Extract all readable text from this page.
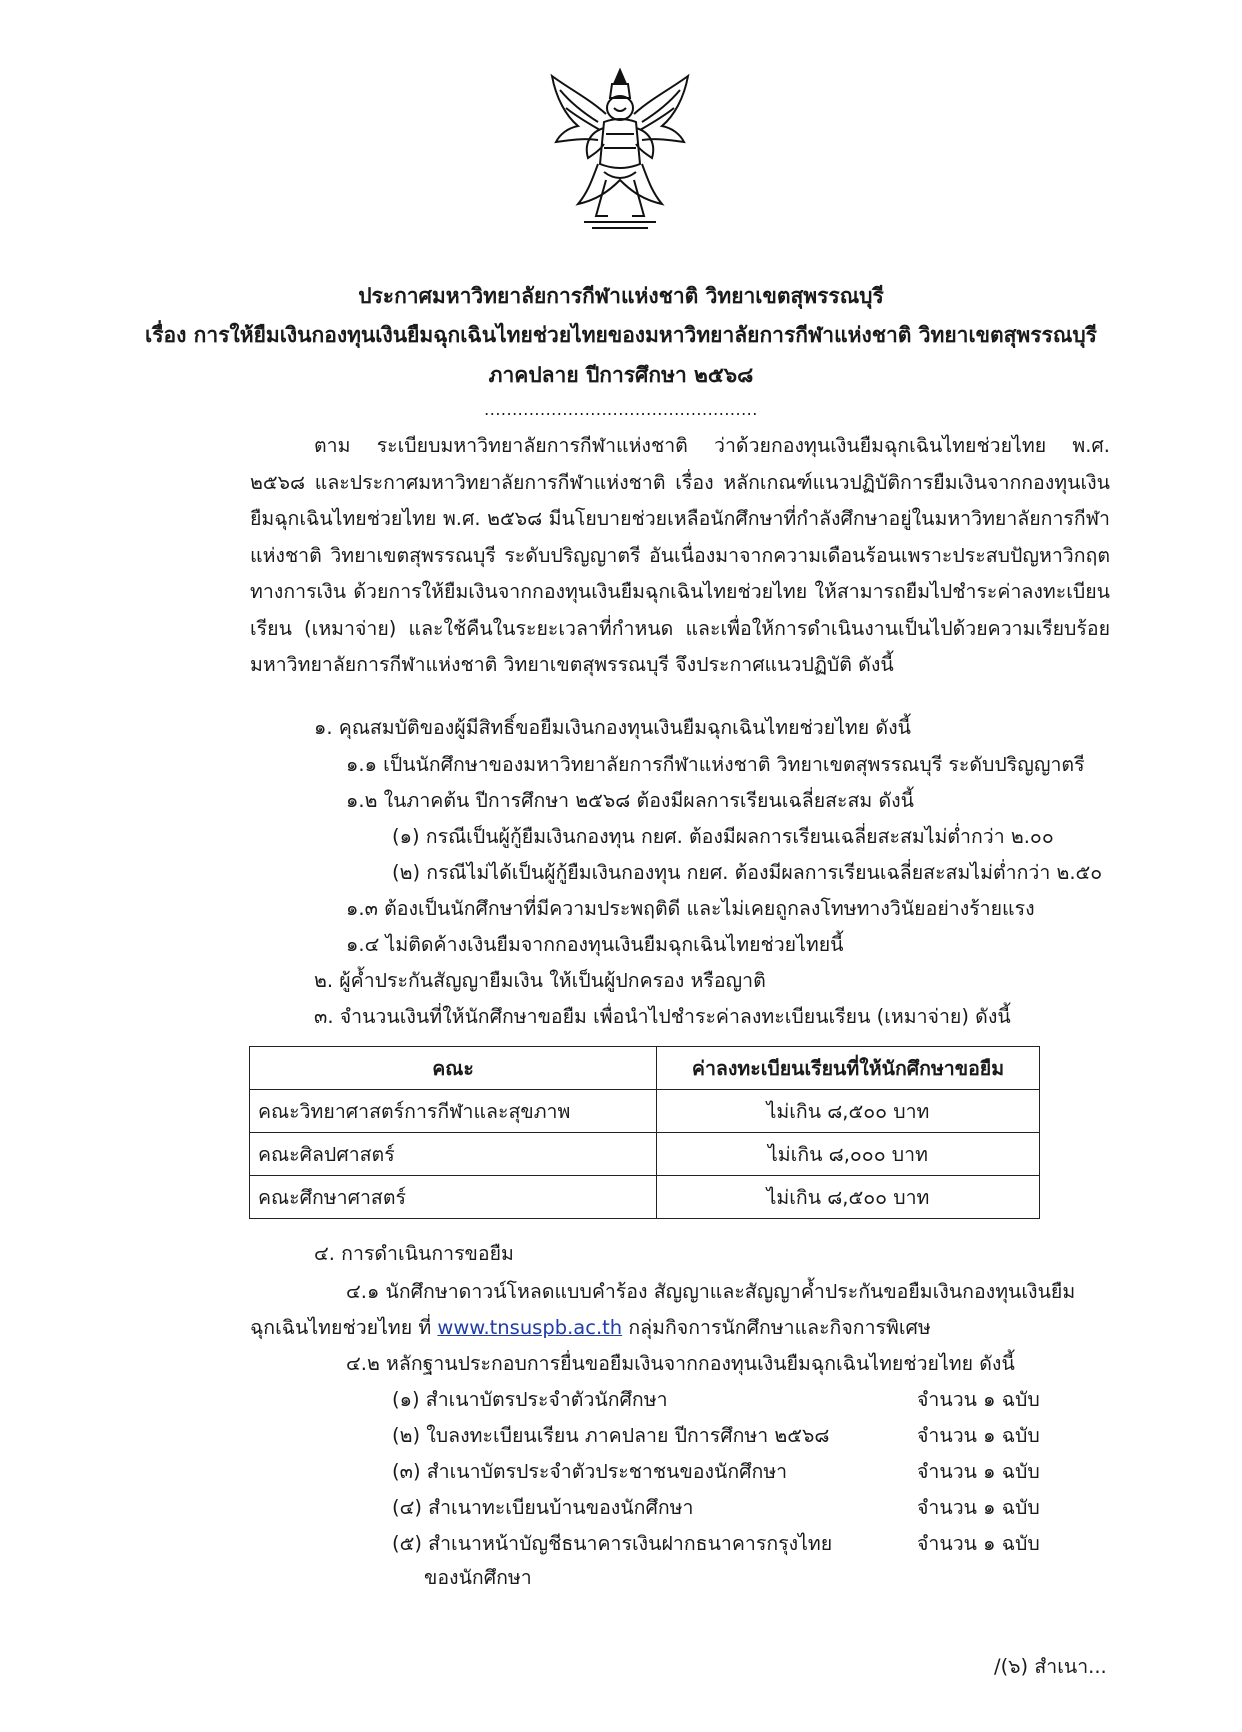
ประกาศมหาวิทยาลัยการกีฬาแห่งชาติ วิทยาเขตสุพรรณบุรี
เรื่อง การให้ยืมเงินกองทุนเงินยืมฉุกเฉินไทยช่วยไทยของมหาวิทยาลัยการกีฬาแห่งชาติ วิทยาเขตสุพรรณบุรี
ภาคปลาย ปีการศึกษา ๒๕๖๘
.................................................
ตาม ระเบียบมหาวิทยาลัยการกีฬาแห่งชาติ ว่าด้วยกองทุนเงินยืมฉุกเฉินไทยช่วยไทย พ.ศ. ๒๕๖๘ และประกาศมหาวิทยาลัยการกีฬาแห่งชาติ เรื่อง หลักเกณฑ์แนวปฏิบัติการยืมเงินจากกองทุนเงินยืมฉุกเฉินไทยช่วยไทย พ.ศ. ๒๕๖๘ มีนโยบายช่วยเหลือนักศึกษาที่กำลังศึกษาอยู่ในมหาวิทยาลัยการกีฬาแห่งชาติ วิทยาเขตสุพรรณบุรี ระดับปริญญาตรี อันเนื่องมาจากความเดือนร้อนเพราะประสบปัญหาวิกฤตทางการเงิน ด้วยการให้ยืมเงินจากกองทุนเงินยืมฉุกเฉินไทยช่วยไทย ให้สามารถยืมไปชำระค่าลงทะเบียนเรียน (เหมาจ่าย) และใช้คืนในระยะเวลาที่กำหนด และเพื่อให้การดำเนินงานเป็นไปด้วยความเรียบร้อย มหาวิทยาลัยการกีฬาแห่งชาติ วิทยาเขตสุพรรณบุรี จึงประกาศแนวปฏิบัติ ดังนี้
๑. คุณสมบัติของผู้มีสิทธิ์ขอยืมเงินกองทุนเงินยืมฉุกเฉินไทยช่วยไทย ดังนี้
๑.๑ เป็นนักศึกษาของมหาวิทยาลัยการกีฬาแห่งชาติ วิทยาเขตสุพรรณบุรี ระดับปริญญาตรี
๑.๒ ในภาคต้น ปีการศึกษา ๒๕๖๘ ต้องมีผลการเรียนเฉลี่ยสะสม ดังนี้
(๑) กรณีเป็นผู้กู้ยืมเงินกองทุน กยศ. ต้องมีผลการเรียนเฉลี่ยสะสมไม่ต่ำกว่า ๒.๐๐
(๒) กรณีไม่ได้เป็นผู้กู้ยืมเงินกองทุน กยศ. ต้องมีผลการเรียนเฉลี่ยสะสมไม่ต่ำกว่า ๒.๕๐
๑.๓ ต้องเป็นนักศึกษาที่มีความประพฤติดี และไม่เคยถูกลงโทษทางวินัยอย่างร้ายแรง
๑.๔ ไม่ติดค้างเงินยืมจากกองทุนเงินยืมฉุกเฉินไทยช่วยไทยนี้
๒. ผู้ค้ำประกันสัญญายืมเงิน ให้เป็นผู้ปกครอง หรือญาติ
๓. จำนวนเงินที่ให้นักศึกษาขอยืม เพื่อนำไปชำระค่าลงทะเบียนเรียน (เหมาจ่าย) ดังนี้
คณะ	ค่าลงทะเบียนเรียนที่ให้นักศึกษาขอยืม
คณะวิทยาศาสตร์การกีฬาและสุขภาพ	ไม่เกิน ๘,๕๐๐ บาท
คณะศิลปศาสตร์	ไม่เกิน ๘,๐๐๐ บาท
คณะศึกษาศาสตร์	ไม่เกิน ๘,๕๐๐ บาท
๔. การดำเนินการขอยืม
๔.๑ นักศึกษาดาวน์โหลดแบบคำร้อง สัญญาและสัญญาค้ำประกันขอยืมเงินกองทุนเงินยืม
ฉุกเฉินไทยช่วยไทย ที่ www.tnsuspb.ac.th กลุ่มกิจการนักศึกษาและกิจการพิเศษ
๔.๒ หลักฐานประกอบการยื่นขอยืมเงินจากกองทุนเงินยืมฉุกเฉินไทยช่วยไทย ดังนี้
(๑) สำเนาบัตรประจำตัวนักศึกษา	จำนวน ๑ ฉบับ
(๒) ใบลงทะเบียนเรียน ภาคปลาย ปีการศึกษา ๒๕๖๘	จำนวน ๑ ฉบับ
(๓) สำเนาบัตรประจำตัวประชาชนของนักศึกษา	จำนวน ๑ ฉบับ
(๔) สำเนาทะเบียนบ้านของนักศึกษา	จำนวน ๑ ฉบับ
(๕) สำเนาหน้าบัญชีธนาคารเงินฝากธนาคารกรุงไทย	จำนวน ๑ ฉบับ
ของนักศึกษา
/(๖) สำเนา...
